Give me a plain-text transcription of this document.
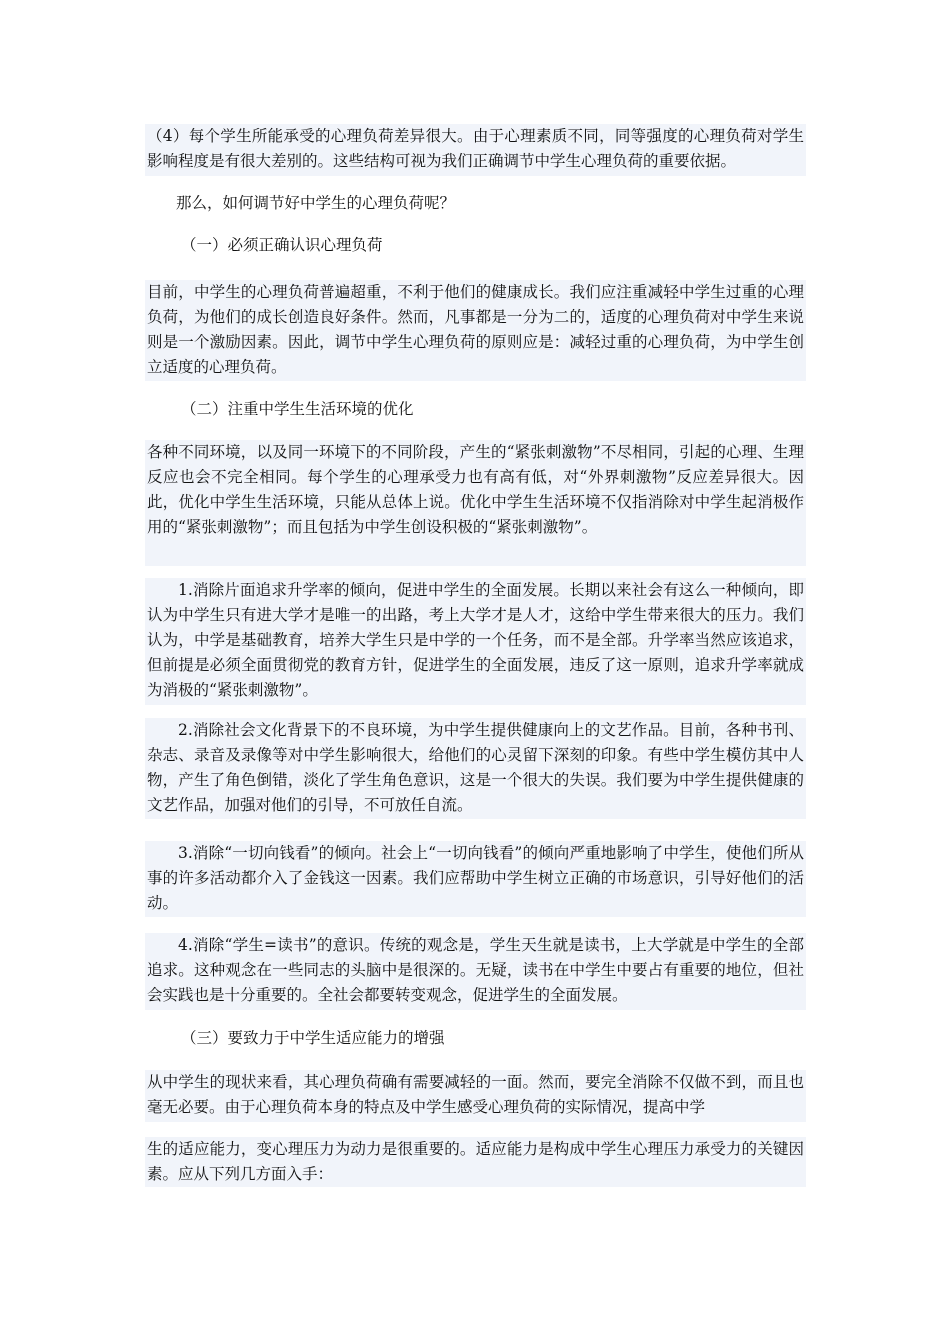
（4）每个学生所能承受的心理负荷差异很大。由于心理素质不同，同等强度的心理负荷对学生影响程度是有很大差别的。这些结构可视为我们正确调节中学生心理负荷的重要依据。
那么，如何调节好中学生的心理负荷呢？
（一）必须正确认识心理负荷
目前，中学生的心理负荷普遍超重，不利于他们的健康成长。我们应注重减轻中学生过重的心理负荷，为他们的成长创造良好条件。然而，凡事都是一分为二的，适度的心理负荷对中学生来说则是一个激励因素。因此，调节中学生心理负荷的原则应是：减轻过重的心理负荷，为中学生创立适度的心理负荷。
（二）注重中学生生活环境的优化
各种不同环境，以及同一环境下的不同阶段，产生的“紧张刺激物”不尽相同，引起的心理、生理反应也会不完全相同。每个学生的心理承受力也有高有低，对“外界刺激物”反应差异很大。因此，优化中学生生活环境，只能从总体上说。优化中学生生活环境不仅指消除对中学生起消极作用的“紧张刺激物”；而且包括为中学生创设积极的“紧张刺激物”。
1.消除片面追求升学率的倾向，促进中学生的全面发展。长期以来社会有这么一种倾向，即认为中学生只有进大学才是唯一的出路，考上大学才是人才，这给中学生带来很大的压力。我们认为，中学是基础教育，培养大学生只是中学的一个任务，而不是全部。升学率当然应该追求，但前提是必须全面贯彻党的教育方针，促进学生的全面发展，违反了这一原则，追求升学率就成为消极的“紧张刺激物”。
2.消除社会文化背景下的不良环境，为中学生提供健康向上的文艺作品。目前，各种书刊、杂志、录音及录像等对中学生影响很大，给他们的心灵留下深刻的印象。有些中学生模仿其中人物，产生了角色倒错，淡化了学生角色意识，这是一个很大的失误。我们要为中学生提供健康的文艺作品，加强对他们的引导，不可放任自流。
3.消除“一切向钱看”的倾向。社会上“一切向钱看”的倾向严重地影响了中学生，使他们所从事的许多活动都介入了金钱这一因素。我们应帮助中学生树立正确的市场意识，引导好他们的活动。
4.消除“学生=读书”的意识。传统的观念是，学生天生就是读书，上大学就是中学生的全部追求。这种观念在一些同志的头脑中是很深的。无疑，读书在中学生中要占有重要的地位，但社会实践也是十分重要的。全社会都要转变观念，促进学生的全面发展。
（三）要致力于中学生适应能力的增强
从中学生的现状来看，其心理负荷确有需要减轻的一面。然而，要完全消除不仅做不到，而且也毫无必要。由于心理负荷本身的特点及中学生感受心理负荷的实际情况，提高中学
生的适应能力，变心理压力为动力是很重要的。适应能力是构成中学生心理压力承受力的关键因素。应从下列几方面入手：
